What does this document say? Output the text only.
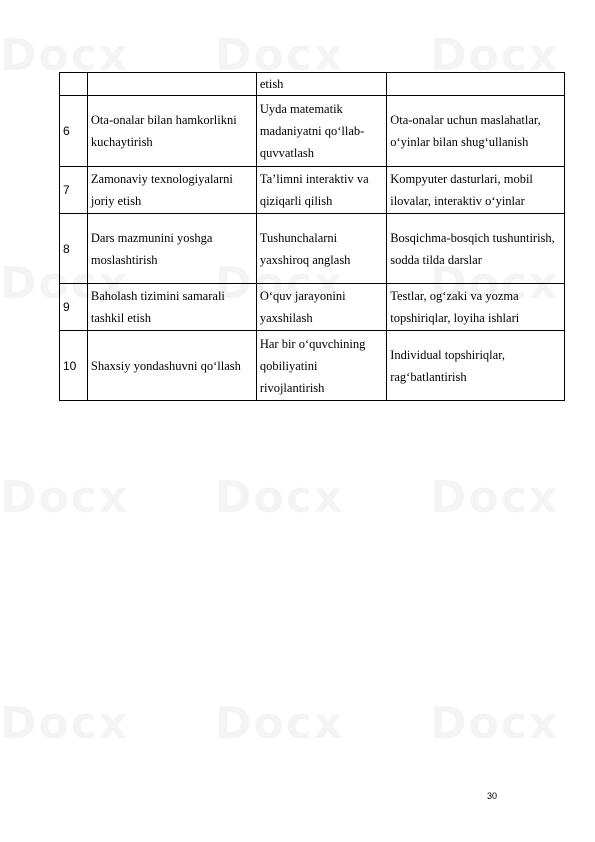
		etish	
6	Ota-onalar bilan hamkorlikni kuchaytirish	Uyda matematik madaniyatni qo‘llab-quvvatlash	Ota-onalar uchun maslahatlar, o‘yinlar bilan shug‘ullanish
7	Zamonaviy texnologiyalarni joriy etish	Ta’limni interaktiv va qiziqarli qilish	Kompyuter dasturlari, mobil ilovalar, interaktiv o‘yinlar
8	Dars mazmunini yoshga moslashtirish	Tushunchalarni yaxshiroq anglash	Bosqichma-bosqich tushuntirish, sodda tilda darslar
9	Baholash tizimini samarali tashkil etish	O‘quv jarayonini yaxshilash	Testlar, og‘zaki va yozma topshiriqlar, loyiha ishlari
10	Shaxsiy yondashuvni qo‘llash	Har bir o‘quvchining qobiliyatini rivojlantirish	Individual topshiriqlar, rag‘batlantirish
30
